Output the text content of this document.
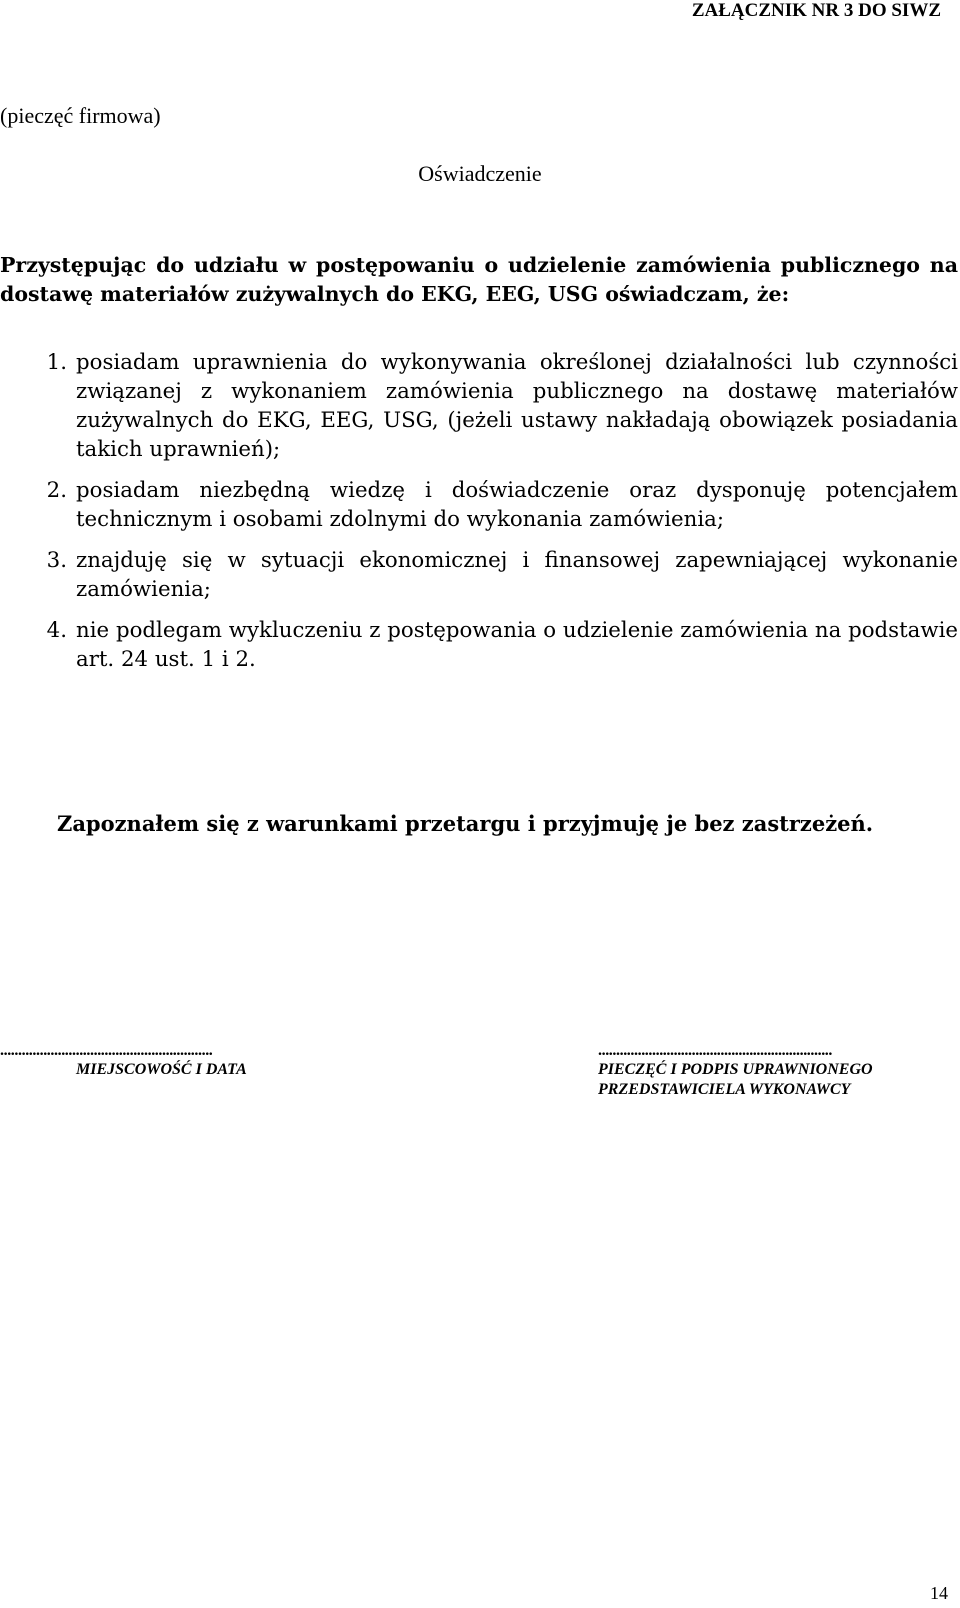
ZAŁĄCZNIK NR 3 DO SIWZ
(pieczęć firmowa)
Oświadczenie
Przystępując do udziału w postępowaniu o udzielenie zamówienia publicznego na dostawę materiałów zużywalnych do EKG, EEG, USG oświadczam, że:
1. posiadam uprawnienia do wykonywania określonej działalności lub czynności związanej z wykonaniem zamówienia publicznego na dostawę materiałów zużywalnych do EKG, EEG, USG, (jeżeli ustawy nakładają obowiązek posiadania takich uprawnień);
2. posiadam niezbędną wiedzę i doświadczenie oraz dysponuję potencjałem technicznym i osobami zdolnymi do wykonania zamówienia;
3. znajduję się w sytuacji ekonomicznej i finansowej zapewniającej wykonanie zamówienia;
4. nie podlegam wykluczeniu z postępowania o udzielenie zamówienia na podstawie art. 24 ust. 1 i 2.
Zapoznałem się z warunkami przetargu i przyjmuję je bez zastrzeżeń.
...........................................................
MIEJSCOWOŚĆ I DATA
.................................................................
PIECZĘĆ I PODPIS UPRAWNIONEGO
PRZEDSTAWICIELA WYKONAWCY
14
